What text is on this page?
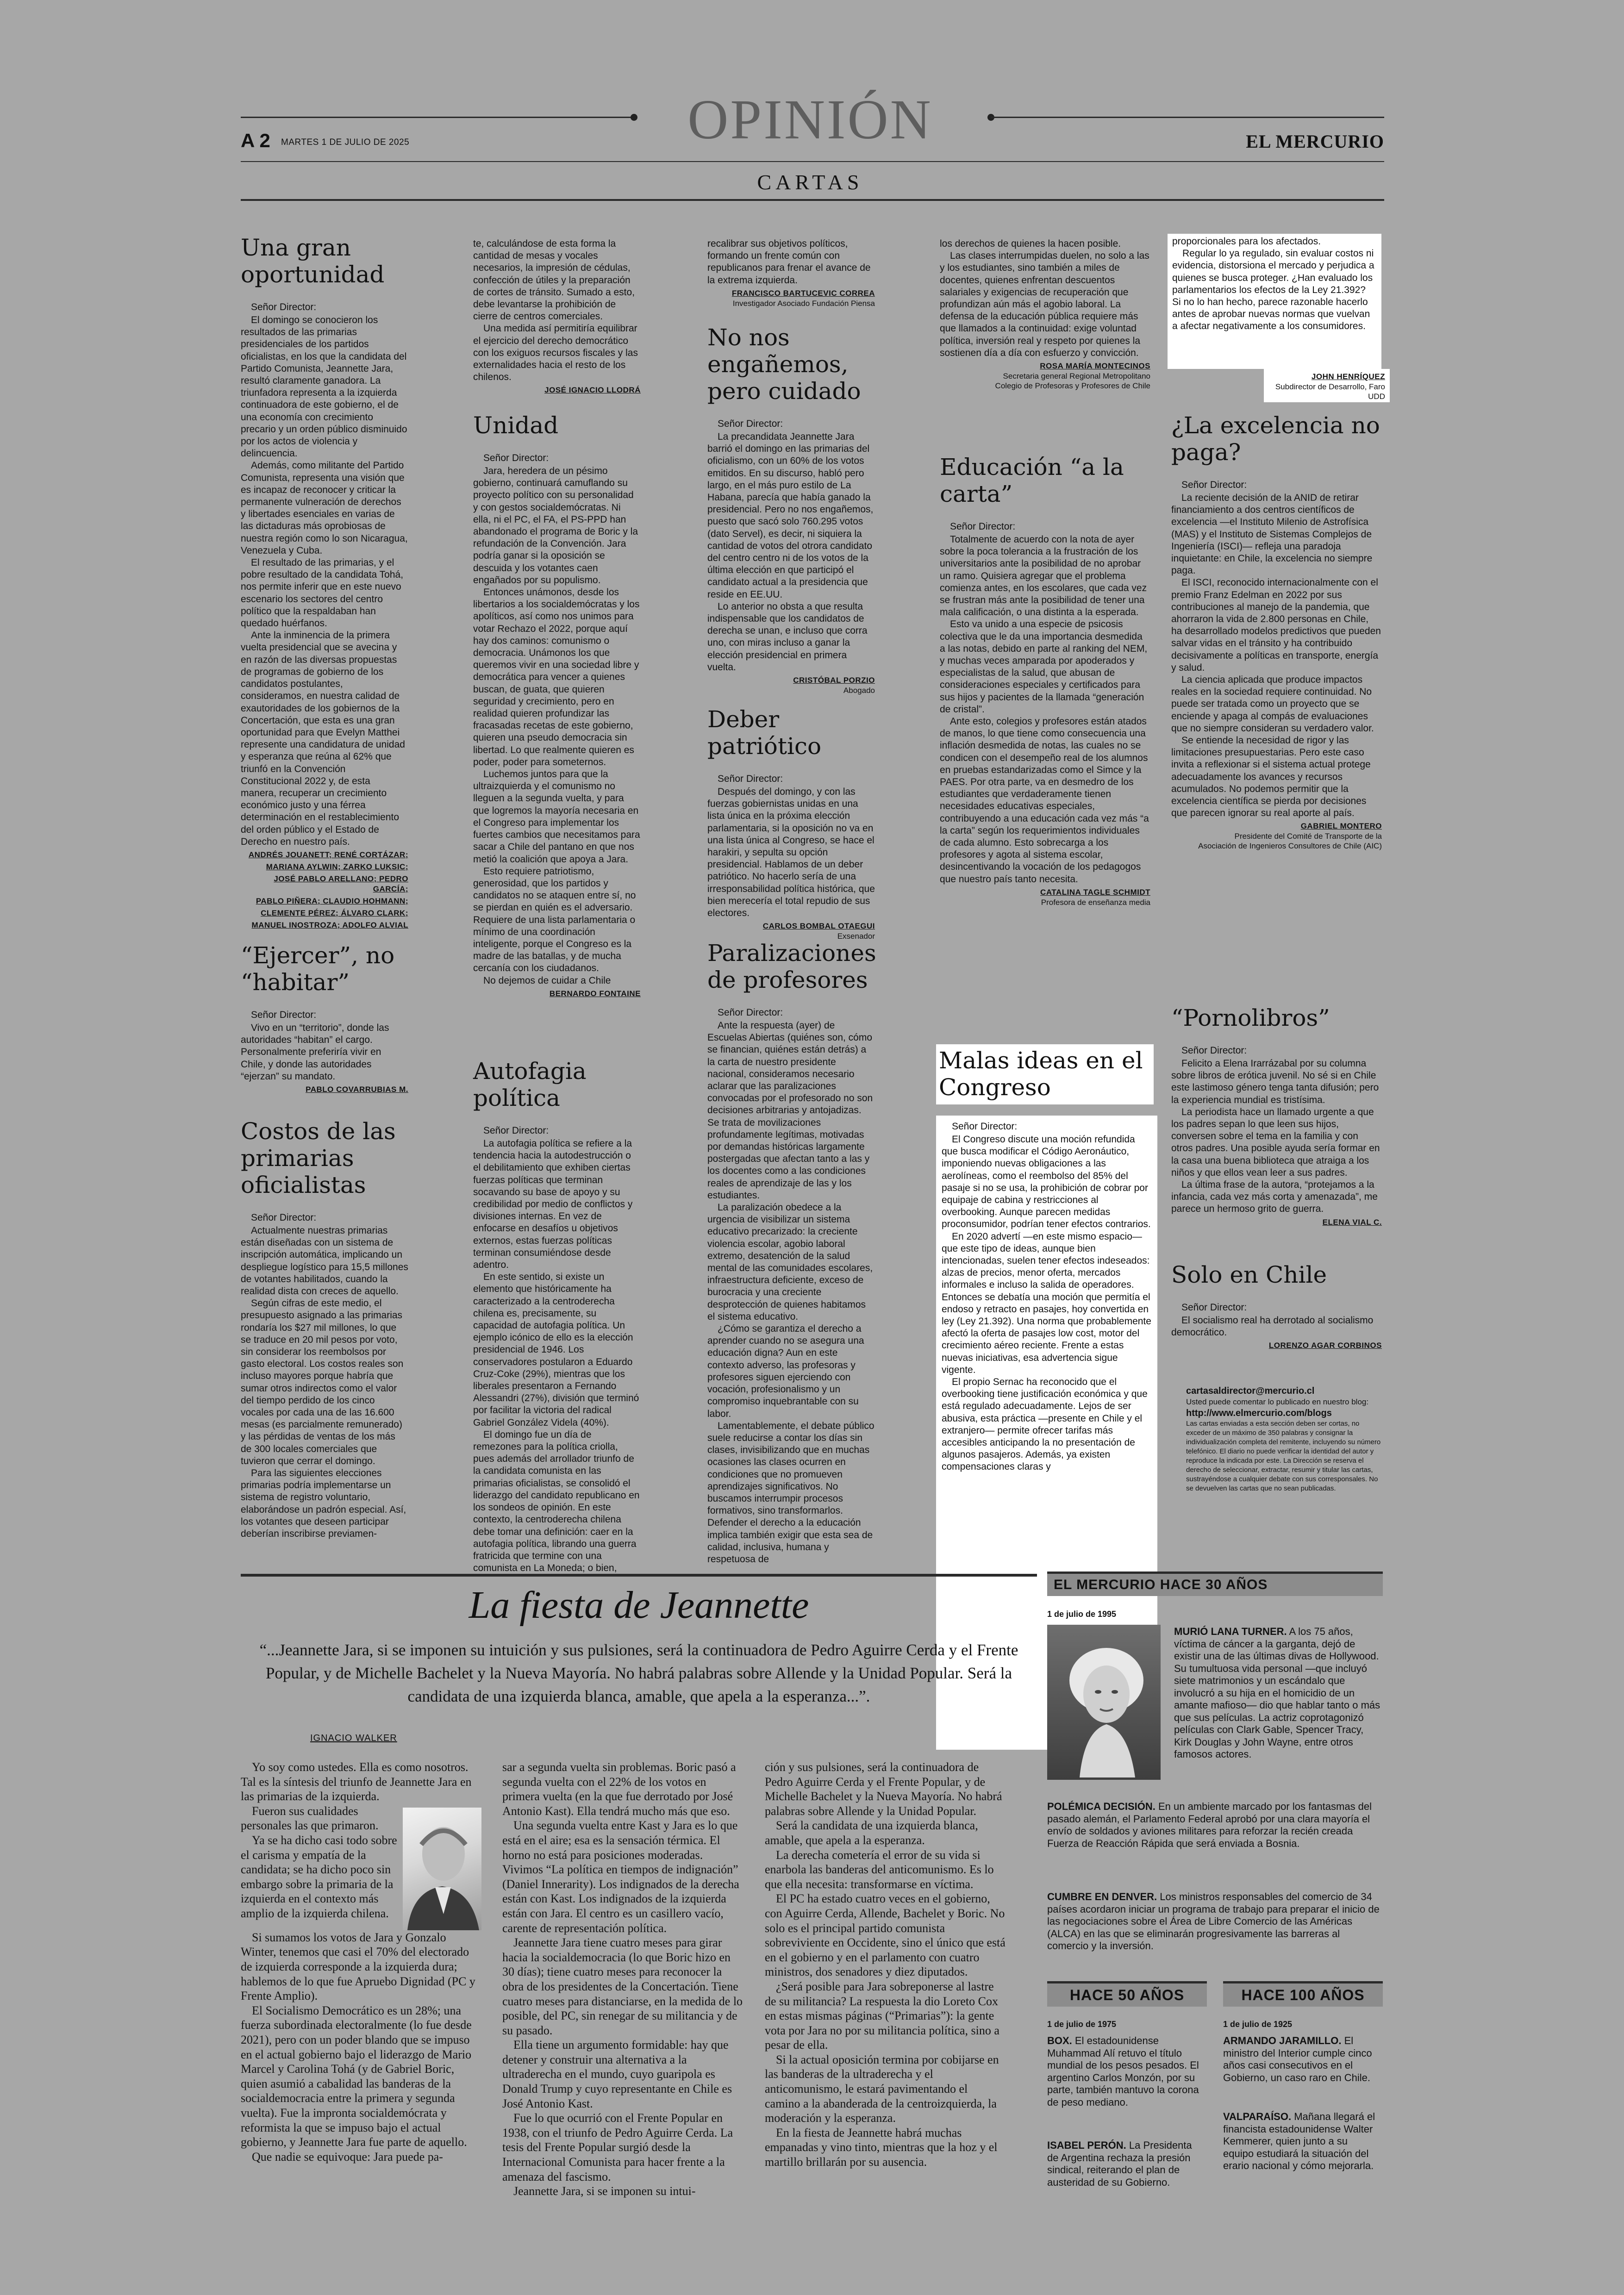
OPINIÓN
A 2 MARTES 1 DE JULIO DE 2025	EL MERCURIO
CARTAS
Una gran oportunidad
Señor Director:

El domingo se conocieron los resultados de las primarias presidenciales de los partidos oficialistas, en los que la candidata del Partido Comunista, Jeannette Jara, resultó claramente ganadora. La triunfadora representa a la izquierda continuadora de este gobierno, el de una economía con crecimiento precario y un orden público disminuido por los actos de violencia y delincuencia.

Además, como militante del Partido Comunista, representa una visión que es incapaz de reconocer y criticar la permanente vulneración de derechos y libertades esenciales en varias de las dictaduras más oprobiosas de nuestra región como lo son Nicaragua, Venezuela y Cuba.

El resultado de las primarias, y el pobre resultado de la candidata Tohá, nos permite inferir que en este nuevo escenario los sectores del centro político que la respaldaban han quedado huérfanos.

Ante la inminencia de la primera vuelta presidencial que se avecina y en razón de las diversas propuestas de programas de gobierno de los candidatos postulantes, consideramos, en nuestra calidad de exautoridades de los gobiernos de la Concertación, que esta es una gran oportunidad para que Evelyn Matthei represente una candidatura de unidad y esperanza que reúna al 62% que triunfó en la Convención Constitucional 2022 y, de esta manera, recuperar un crecimiento económico justo y una férrea determinación en el restablecimiento del orden público y el Estado de Derecho en nuestro país.

ANDRÉS JOUANETT; RENÉ CORTÁZAR;
MARIANA AYLWIN; ZARKO LUKSIC;
JOSÉ PABLO ARELLANO; PEDRO GARCÍA;
PABLO PIÑERA; CLAUDIO HOHMANN;
CLEMENTE PÉREZ; ÁLVARO CLARK;
MANUEL INOSTROZA; ADOLFO ALVIAL
“Ejercer”, no “habitar”
Señor Director:

Vivo en un “territorio”, donde las autoridades “habitan” el cargo. Personalmente preferiría vivir en Chile, y donde las autoridades “ejerzan” su mandato.

PABLO COVARRUBIAS M.
Costos de las primarias oficialistas
Señor Director:

Actualmente nuestras primarias están diseñadas con un sistema de inscripción automática, implicando un despliegue logístico para 15,5 millones de votantes habilitados, cuando la realidad dista con creces de aquello.

Según cifras de este medio, el presupuesto asignado a las primarias rondaría los $27 mil millones, lo que se traduce en 20 mil pesos por voto, sin considerar los reembolsos por gasto electoral. Los costos reales son incluso mayores porque habría que sumar otros indirectos como el valor del tiempo perdido de los cinco vocales por cada una de las 16.600 mesas (es parcialmente remunerado) y las pérdidas de ventas de los más de 300 locales comerciales que tuvieron que cerrar el domingo.

Para las siguientes elecciones primarias podría implementarse un sistema de registro voluntario, elaborándose un padrón especial. Así, los votantes que deseen participar deberían inscribirse previamen-

te, calculándose de esta forma la cantidad de mesas y vocales necesarios, la impresión de cédulas, confección de útiles y la preparación de cortes de tránsito. Sumado a esto, debe levantarse la prohibición de cierre de centros comerciales.

Una medida así permitiría equilibrar el ejercicio del derecho democrático con los exiguos recursos fiscales y las externalidades hacia el resto de los chilenos.

JOSÉ IGNACIO LLODRÁ
Unidad
Señor Director:

Jara, heredera de un pésimo gobierno, continuará camuflando su proyecto político con su personalidad y con gestos socialdemócratas. Ni ella, ni el PC, el FA, el PS-PPD han abandonado el programa de Boric y la refundación de la Convención. Jara podría ganar si la oposición se descuida y los votantes caen engañados por su populismo.

Entonces unámonos, desde los libertarios a los socialdemócratas y los apolíticos, así como nos unimos para votar Rechazo el 2022, porque aquí hay dos caminos: comunismo o democracia. Unámonos los que queremos vivir en una sociedad libre y democrática para vencer a quienes buscan, de guata, que quieren seguridad y crecimiento, pero en realidad quieren profundizar las fracasadas recetas de este gobierno, quieren una pseudo democracia sin libertad. Lo que realmente quieren es poder, poder para someternos.

Luchemos juntos para que la ultraizquierda y el comunismo no lleguen a la segunda vuelta, y para que logremos la mayoría necesaria en el Congreso para implementar los fuertes cambios que necesitamos para sacar a Chile del pantano en que nos metió la coalición que apoya a Jara.

Esto requiere patriotismo, generosidad, que los partidos y candidatos no se ataquen entre sí, no se pierdan en quién es el adversario. Requiere de una lista parlamentaria o mínimo de una coordinación inteligente, porque el Congreso es la madre de las batallas, y de mucha cercanía con los ciudadanos.

No dejemos de cuidar a Chile

BERNARDO FONTAINE
Autofagia política
Señor Director:

La autofagia política se refiere a la tendencia hacia la autodestrucción o el debilitamiento que exhiben ciertas fuerzas políticas que terminan socavando su base de apoyo y su credibilidad por medio de conflictos y divisiones internas. En vez de enfocarse en desafíos u objetivos externos, estas fuerzas políticas terminan consumiéndose desde adentro.

En este sentido, si existe un elemento que históricamente ha caracterizado a la centroderecha chilena es, precisamente, su capacidad de autofagia política. Un ejemplo icónico de ello es la elección presidencial de 1946. Los conservadores postularon a Eduardo Cruz-Coke (29%), mientras que los liberales presentaron a Fernando Alessandri (27%), división que terminó por facilitar la victoria del radical Gabriel González Videla (40%).

El domingo fue un día de remezones para la política criolla, pues además del arrollador triunfo de la candidata comunista en las primarias oficialistas, se consolidó el liderazgo del candidato republicano en los sondeos de opinión. En este contexto, la centroderecha chilena debe tomar una definición: caer en la autofagia política, librando una guerra fratricida que termine con una comunista en La Moneda; o bien,

recalibrar sus objetivos políticos, formando un frente común con republicanos para frenar el avance de la extrema izquierda.

FRANCISCO BARTUCEVIC CORREA
Investigador Asociado Fundación Piensa
No nos engañemos, pero cuidado
Señor Director:

La precandidata Jeannette Jara barrió el domingo en las primarias del oficialismo, con un 60% de los votos emitidos. En su discurso, habló pero largo, en el más puro estilo de La Habana, parecía que había ganado la presidencial. Pero no nos engañemos, puesto que sacó solo 760.295 votos (dato Servel), es decir, ni siquiera la cantidad de votos del otrora candidato del centro centro ni de los votos de la última elección en que participó el candidato actual a la presidencia que reside en EE.UU.

Lo anterior no obsta a que resulta indispensable que los candidatos de derecha se unan, e incluso que corra uno, con miras incluso a ganar la elección presidencial en primera vuelta.

CRISTÓBAL PORZIO
Abogado
Deber patriótico
Señor Director:

Después del domingo, y con las fuerzas gobiernistas unidas en una lista única en la próxima elección parlamentaria, si la oposición no va en una lista única al Congreso, se hace el harakiri, y sepulta su opción presidencial. Hablamos de un deber patriótico. No hacerlo sería de una irresponsabilidad política histórica, que bien merecería el total repudio de sus electores.

CARLOS BOMBAL OTAEGUI
Exsenador
Paralizaciones de profesores
Señor Director:

Ante la respuesta (ayer) de Escuelas Abiertas (quiénes son, cómo se financian, quiénes están detrás) a la carta de nuestro presidente nacional, consideramos necesario aclarar que las paralizaciones convocadas por el profesorado no son decisiones arbitrarias y antojadizas. Se trata de movilizaciones profundamente legítimas, motivadas por demandas históricas largamente postergadas que afectan tanto a las y los docentes como a las condiciones reales de aprendizaje de las y los estudiantes.

La paralización obedece a la urgencia de visibilizar un sistema educativo precarizado: la creciente violencia escolar, agobio laboral extremo, desatención de la salud mental de las comunidades escolares, infraestructura deficiente, exceso de burocracia y una creciente desprotección de quienes habitamos el sistema educativo.

¿Cómo se garantiza el derecho a aprender cuando no se asegura una educación digna? Aun en este contexto adverso, las profesoras y profesores siguen ejerciendo con vocación, profesionalismo y un compromiso inquebrantable con su labor.

Lamentablemente, el debate público suele reducirse a contar los días sin clases, invisibilizando que en muchas ocasiones las clases ocurren en condiciones que no promueven aprendizajes significativos. No buscamos interrumpir procesos formativos, sino transformarlos. Defender el derecho a la educación implica también exigir que esta sea de calidad, inclusiva, humana y respetuosa de

los derechos de quienes la hacen posible.

Las clases interrumpidas duelen, no solo a las y los estudiantes, sino también a miles de docentes, quienes enfrentan descuentos salariales y exigencias de recuperación que profundizan aún más el agobio laboral. La defensa de la educación pública requiere más que llamados a la continuidad: exige voluntad política, inversión real y respeto por quienes la sostienen día a día con esfuerzo y convicción.

ROSA MARÍA MONTECINOS
Secretaria general Regional Metropolitano
Colegio de Profesoras y Profesores de Chile
Educación “a la carta”
Señor Director:

Totalmente de acuerdo con la nota de ayer sobre la poca tolerancia a la frustración de los universitarios ante la posibilidad de no aprobar un ramo. Quisiera agregar que el problema comienza antes, en los escolares, que cada vez se frustran más ante la posibilidad de tener una mala calificación, o una distinta a la esperada.

Esto va unido a una especie de psicosis colectiva que le da una importancia desmedida a las notas, debido en parte al ranking del NEM, y muchas veces amparada por apoderados y especialistas de la salud, que abusan de consideraciones especiales y certificados para sus hijos y pacientes de la llamada “generación de cristal”.

Ante esto, colegios y profesores están atados de manos, lo que tiene como consecuencia una inflación desmedida de notas, las cuales no se condicen con el desempeño real de los alumnos en pruebas estandarizadas como el Simce y la PAES. Por otra parte, va en desmedro de los estudiantes que verdaderamente tienen necesidades educativas especiales, contribuyendo a una educación cada vez más “a la carta” según los requerimientos individuales de cada alumno. Esto sobrecarga a los profesores y agota al sistema escolar, desincentivando la vocación de los pedagogos que nuestro país tanto necesita.

CATALINA TAGLE SCHMIDT
Profesora de enseñanza media
Malas ideas en el Congreso
Señor Director:

El Congreso discute una moción refundida que busca modificar el Código Aeronáutico, imponiendo nuevas obligaciones a las aerolíneas, como el reembolso del 85% del pasaje si no se usa, la prohibición de cobrar por equipaje de cabina y restricciones al overbooking. Aunque parecen medidas proconsumidor, podrían tener efectos contrarios.

En 2020 advertí —en este mismo espacio— que este tipo de ideas, aunque bien intencionadas, suelen tener efectos indeseados: alzas de precios, menor oferta, mercados informales e incluso la salida de operadores. Entonces se debatía una moción que permitía el endoso y retracto en pasajes, hoy convertida en ley (Ley 21.392). Una norma que probablemente afectó la oferta de pasajes low cost, motor del crecimiento aéreo reciente. Frente a estas nuevas iniciativas, esa advertencia sigue vigente.

El propio Sernac ha reconocido que el overbooking tiene justificación económica y que está regulado adecuadamente. Lejos de ser abusiva, esta práctica —presente en Chile y el extranjero— permite ofrecer tarifas más accesibles anticipando la no presentación de algunos pasajeros. Además, ya existen compensaciones claras y

proporcionales para los afectados.

Regular lo ya regulado, sin evaluar costos ni evidencia, distorsiona el mercado y perjudica a quienes se busca proteger. ¿Han evaluado los parlamentarios los efectos de la Ley 21.392? Si no lo han hecho, parece razonable hacerlo antes de aprobar nuevas normas que vuelvan a afectar negativamente a los consumidores.

JOHN HENRÍQUEZ
Subdirector de Desarrollo, Faro UDD
¿La excelencia no paga?
Señor Director:

La reciente decisión de la ANID de retirar financiamiento a dos centros científicos de excelencia —el Instituto Milenio de Astrofísica (MAS) y el Instituto de Sistemas Complejos de Ingeniería (ISCI)— refleja una paradoja inquietante: en Chile, la excelencia no siempre paga.

El ISCI, reconocido internacionalmente con el premio Franz Edelman en 2022 por sus contribuciones al manejo de la pandemia, que ahorraron la vida de 2.800 personas en Chile, ha desarrollado modelos predictivos que pueden salvar vidas en el tránsito y ha contribuido decisivamente a políticas en transporte, energía y salud.

La ciencia aplicada que produce impactos reales en la sociedad requiere continuidad. No puede ser tratada como un proyecto que se enciende y apaga al compás de evaluaciones que no siempre consideran su verdadero valor.

Se entiende la necesidad de rigor y las limitaciones presupuestarias. Pero este caso invita a reflexionar si el sistema actual protege adecuadamente los avances y recursos acumulados. No podemos permitir que la excelencia científica se pierda por decisiones que parecen ignorar su real aporte al país.

GABRIEL MONTERO
Presidente del Comité de Transporte de la
Asociación de Ingenieros Consultores de Chile (AIC)
“Pornolibros”
Señor Director:

Felicito a Elena Irarrázabal por su columna sobre libros de erótica juvenil. No sé si en Chile este lastimoso género tenga tanta difusión; pero la experiencia mundial es tristísima.

La periodista hace un llamado urgente a que los padres sepan lo que leen sus hijos, conversen sobre el tema en la familia y con otros padres. Una posible ayuda sería formar en la casa una buena biblioteca que atraiga a los niños y que ellos vean leer a sus padres.

La última frase de la autora, “protejamos a la infancia, cada vez más corta y amenazada”, me parece un hermoso grito de guerra.

ELENA VIAL C.
Solo en Chile
Señor Director:

El socialismo real ha derrotado al socialismo democrático.

LORENZO AGAR CORBINOS
cartasaldirector@mercurio.cl
Usted puede comentar lo publicado en nuestro blog:
http://www.elmercurio.com/blogs
Las cartas enviadas a esta sección deben ser cortas, no exceder de un máximo de 350 palabras y consignar la individualización completa del remitente, incluyendo su número telefónico. El diario no puede verificar la identidad del autor y reproduce la indicada por este. La Dirección se reserva el derecho de seleccionar, extractar, resumir y titular las cartas, sustrayéndose a cualquier debate con sus corresponsales. No se devuelven las cartas que no sean publicadas.
La fiesta de Jeannette
“...Jeannette Jara, si se imponen su intuición y sus pulsiones, será la continuadora de Pedro Aguirre Cerda y el Frente Popular, y de Michelle Bachelet y la Nueva Mayoría. No habrá palabras sobre Allende y la Unidad Popular. Será la candidata de una izquierda blanca, amable, que apela a la esperanza...”.
IGNACIO WALKER

Yo soy como ustedes. Ella es como nosotros. Tal es la síntesis del triunfo de Jeannette Jara en las primarias de la izquierda.

Fueron sus cualidades personales las que primaron.

Ya se ha dicho casi todo sobre el carisma y empatía de la candidata; se ha dicho poco sin embargo sobre la primaria de la izquierda en el contexto más amplio de la izquierda chilena.

Si sumamos los votos de Jara y Gonzalo Winter, tenemos que casi el 70% del electorado de izquierda corresponde a la izquierda dura; hablemos de lo que fue Apruebo Dignidad (PC y Frente Amplio).

El Socialismo Democrático es un 28%; una fuerza subordinada electoralmente (lo fue desde 2021), pero con un poder blando que se impuso en el actual gobierno bajo el liderazgo de Mario Marcel y Carolina Tohá (y de Gabriel Boric, quien asumió a cabalidad las banderas de la socialdemocracia entre la primera y segunda vuelta). Fue la impronta socialdemócrata y reformista la que se impuso bajo el actual gobierno, y Jeannette Jara fue parte de aquello.

Que nadie se equivoque: Jara puede pa-

sar a segunda vuelta sin problemas. Boric pasó a segunda vuelta con el 22% de los votos en primera vuelta (en la que fue derrotado por José Antonio Kast). Ella tendrá mucho más que eso.

Una segunda vuelta entre Kast y Jara es lo que está en el aire; esa es la sensación térmica. El horno no está para posiciones moderadas. Vivimos “La política en tiempos de indignación” (Daniel Innerarity). Los indignados de la derecha están con Kast. Los indignados de la izquierda están con Jara. El centro es un casillero vacío, carente de representación política.

Jeannette Jara tiene cuatro meses para girar hacia la socialdemocracia (lo que Boric hizo en 30 días); tiene cuatro meses para reconocer la obra de los presidentes de la Concertación. Tiene cuatro meses para distanciarse, en la medida de lo posible, del PC, sin renegar de su militancia y de su pasado.

Ella tiene un argumento formidable: hay que detener y construir una alternativa a la ultraderecha en el mundo, cuyo guaripola es Donald Trump y cuyo representante en Chile es José Antonio Kast.

Fue lo que ocurrió con el Frente Popular en 1938, con el triunfo de Pedro Aguirre Cerda. La tesis del Frente Popular surgió desde la Internacional Comunista para hacer frente a la amenaza del fascismo.

Jeannette Jara, si se imponen su intui-

ción y sus pulsiones, será la continuadora de Pedro Aguirre Cerda y el Frente Popular, y de Michelle Bachelet y la Nueva Mayoría. No habrá palabras sobre Allende y la Unidad Popular.

Será la candidata de una izquierda blanca, amable, que apela a la esperanza.

La derecha cometería el error de su vida si enarbola las banderas del anticomunismo. Es lo que ella necesita: transformarse en víctima.

El PC ha estado cuatro veces en el gobierno, con Aguirre Cerda, Allende, Bachelet y Boric. No solo es el principal partido comunista sobreviviente en Occidente, sino el único que está en el gobierno y en el parlamento con cuatro ministros, dos senadores y diez diputados.

¿Será posible para Jara sobreponerse al lastre de su militancia? La respuesta la dio Loreto Cox en estas mismas páginas (“Primarias”): la gente vota por Jara no por su militancia política, sino a pesar de ella.

Si la actual oposición termina por cobijarse en las banderas de la ultraderecha y el anticomunismo, le estará pavimentando el camino a la abanderada de la centroizquierda, la moderación y la esperanza.

En la fiesta de Jeannette habrá muchas empanadas y vino tinto, mientras que la hoz y el martillo brillarán por su ausencia.

EL MERCURIO HACE 30 AÑOS
1 de julio de 1995
MURIÓ LANA TURNER. A los 75 años, víctima de cáncer a la garganta, dejó de existir una de las últimas divas de Hollywood. Su tumultuosa vida personal —que incluyó siete matrimonios y un escándalo que involucró a su hija en el homicidio de un amante mafioso— dio que hablar tanto o más que sus películas. La actriz coprotagonizó películas con Clark Gable, Spencer Tracy, Kirk Douglas y John Wayne, entre otros famosos actores.
POLÉMICA DECISIÓN. En un ambiente marcado por los fantasmas del pasado alemán, el Parlamento Federal aprobó por una clara mayoría el envío de soldados y aviones militares para reforzar la recién creada Fuerza de Reacción Rápida que será enviada a Bosnia.
CUMBRE EN DENVER. Los ministros responsables del comercio de 34 países acordaron iniciar un programa de trabajo para preparar el inicio de las negociaciones sobre el Área de Libre Comercio de las Américas (ALCA) en las que se eliminarán progresivamente las barreras al comercio y la inversión.
HACE 50 AÑOS
1 de julio de 1975
BOX. El estadounidense Muhammad Alí retuvo el título mundial de los pesos pesados. El argentino Carlos Monzón, por su parte, también mantuvo la corona de peso mediano.
ISABEL PERÓN. La Presidenta de Argentina rechaza la presión sindical, reiterando el plan de austeridad de su Gobierno.
HACE 100 AÑOS
1 de julio de 1925
ARMANDO JARAMILLO. El ministro del Interior cumple cinco años casi consecutivos en el Gobierno, un caso raro en Chile.
VALPARAÍSO. Mañana llegará el financista estadounidense Walter Kemmerer, quien junto a su equipo estudiará la situación del erario nacional y cómo mejorarla.
